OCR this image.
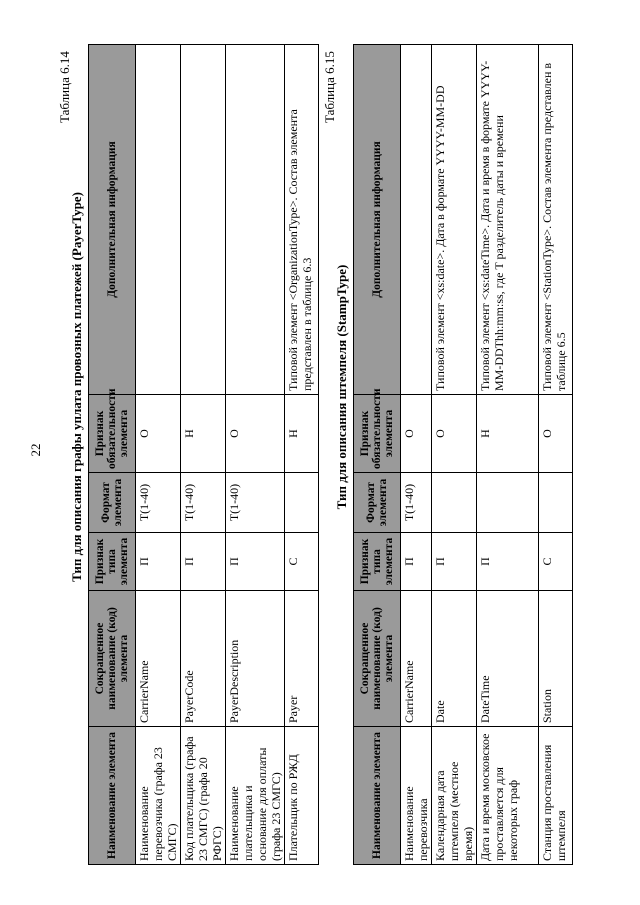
22
Таблица 6.14
Тип для описания графы уплата провозных платежей (PayerType)
Наименование элемента	Сокращенное наименование (код) элемента	Признак типа элемента	Формат элемента	Признак обязательности элемента	Дополнительная информация
Наименование перевозчика (графа 23 СМГС)	CarrierName	П	T(1-40)	О	
Код плательщика (графа 23 СМГС) (графа 20 РФГС)	PayerCode	П	T(1-40)	Н	
Наименование плательщика и основание для оплаты (графа 23 СМГС)	PayerDescription	П	T(1-40)	О	
Плательщик по РЖД	Payer	С		Н	Типовой элемент <OrganizationType>. Состав элемента представлен в таблице 6.3
Таблица 6.15
Тип для описания штемпеля (StampType)
Наименование элемента	Сокращенное наименование (код) элемента	Признак типа элемента	Формат элемента	Признак обязательности элемента	Дополнительная информация
Наименование перевозчика	CarrierName	П	T(1-40)	О	
Календарная дата штемпеля (местное время)	Date	П		О	Типовой элемент <xs:date>. Дата в формате YYYY-MM-DD
Дата и время московское проставляется для некоторых граф	DateTime	П		Н	Типовой элемент <xs:dateTime>. Дата и время в формате YYYY-MM-DDThh:mm:ss, где T разделитель даты и времени
Станция проставления штемпеля	Station	С		О	Типовой элемент <StationType>. Состав элемента представлен в таблице 6.5
